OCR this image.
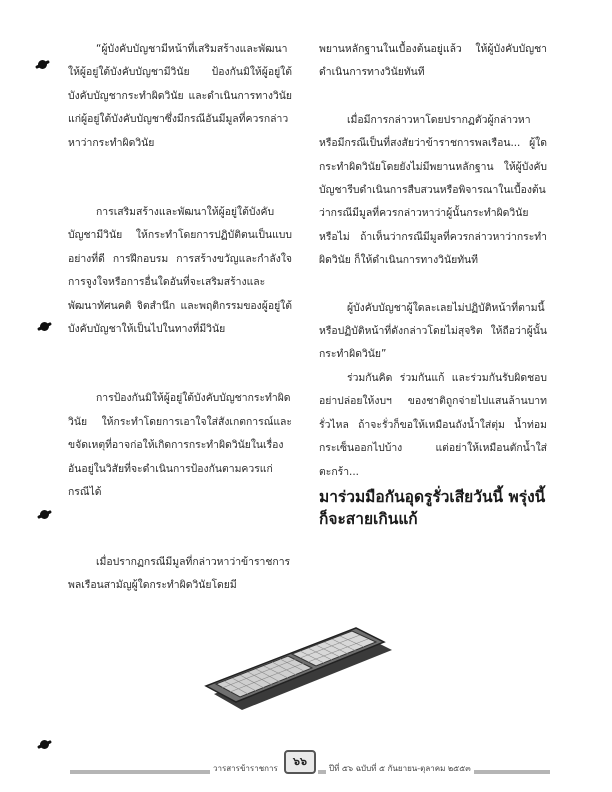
“ผู้บังคับบัญชามีหน้าที่เสริมสร้างและพัฒนาให้ผู้อยู่ใต้บังคับบัญชามีวินัย ป้องกันมิให้ผู้อยู่ใต้บังคับบัญชากระทำผิดวินัย และดำเนินการทางวินัยแก่ผู้อยู่ใต้บังคับบัญชาซึ่งมีกรณีอันมีมูลที่ควรกล่าวหาว่ากระทำผิดวินัย

การเสริมสร้างและพัฒนาให้ผู้อยู่ใต้บังคับบัญชามีวินัย ให้กระทำโดยการปฏิบัติตนเป็นแบบอย่างที่ดี การฝึกอบรม การสร้างขวัญและกำลังใจ การจูงใจหรือการอื่นใดอันที่จะเสริมสร้างและพัฒนาทัศนคติ จิตสำนึก และพฤติกรรมของผู้อยู่ใต้บังคับบัญชาให้เป็นไปในทางที่มีวินัย

การป้องกันมิให้ผู้อยู่ใต้บังคับบัญชากระทำผิดวินัย ให้กระทำโดยการเอาใจใส่สังเกตการณ์และขจัดเหตุที่อาจก่อให้เกิดการกระทำผิดวินัยในเรื่องอันอยู่ในวิสัยที่จะดำเนินการป้องกันตามควรแก่กรณีได้

เมื่อปรากฏกรณีมีมูลที่กล่าวหาว่าข้าราชการพลเรือนสามัญผู้ใดกระทำผิดวินัยโดยมี

พยานหลักฐานในเบื้องต้นอยู่แล้ว ให้ผู้บังคับบัญชาดำเนินการทางวินัยทันที

เมื่อมีการกล่าวหาโดยปรากฏตัวผู้กล่าวหาหรือมีกรณีเป็นที่สงสัยว่าข้าราชการพลเรือน... ผู้ใดกระทำผิดวินัยโดยยังไม่มีพยานหลักฐาน ให้ผู้บังคับบัญชารีบดำเนินการสืบสวนหรือพิจารณาในเบื้องต้นว่ากรณีมีมูลที่ควรกล่าวหาว่าผู้นั้นกระทำผิดวินัยหรือไม่ ถ้าเห็นว่ากรณีมีมูลที่ควรกล่าวหาว่ากระทำผิดวินัย ก็ให้ดำเนินการทางวินัยทันที

ผู้บังคับบัญชาผู้ใดละเลยไม่ปฏิบัติหน้าที่ตามนี้ หรือปฏิบัติหน้าที่ดังกล่าวโดยไม่สุจริต ให้ถือว่าผู้นั้นกระทำผิดวินัย”

ร่วมกันคิด ร่วมกันแก้ และร่วมกันรับผิดชอบ อย่าปล่อยให้งบฯ ของชาติถูกจ่ายไปแสนล้านบาท รั่วไหล ถ้าจะรั่วก็ขอให้เหมือนถังน้ำใส่ตุ่ม น้ำท่อมกระเซ็นออกไปบ้าง แต่อย่าให้เหมือนตักน้ำใส่ตะกร้า...

มาร่วมมือกันอุดรูรั่วเสียวันนี้ พรุ่งนี้ก็จะสายเกินแก้

วารสารข้าราชการ
๖๖
ปีที่ ๕๖ ฉบับที่ ๕ กันยายน-ตุลาคม ๒๕๕๓
